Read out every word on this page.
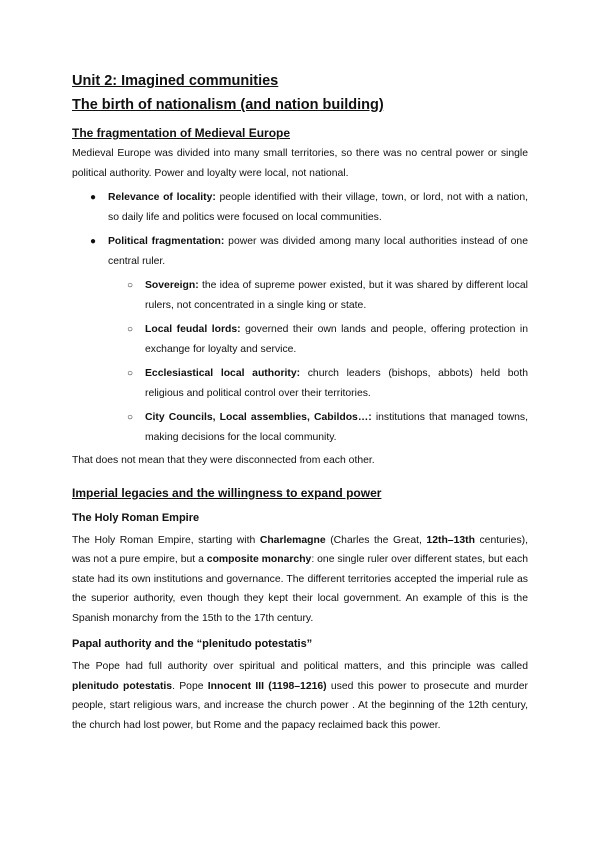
Unit 2: Imagined communities
The birth of nationalism (and nation building)
The fragmentation of Medieval Europe

Medieval Europe was divided into many small territories, so there was no central power or single political authority. Power and loyalty were local, not national.

● Relevance of locality: people identified with their village, town, or lord, not with a nation, so daily life and politics were focused on local communities.
● Political fragmentation: power was divided among many local authorities instead of one central ruler.
○ Sovereign: the idea of supreme power existed, but it was shared by different local rulers, not concentrated in a single king or state.
○ Local feudal lords: governed their own lands and people, offering protection in exchange for loyalty and service.
○ Ecclesiastical local authority: church leaders (bishops, abbots) held both religious and political control over their territories.
○ City Councils, Local assemblies, Cabildos…: institutions that managed towns, making decisions for the local community.

That does not mean that they were disconnected from each other.

Imperial legacies and the willingness to expand power
The Holy Roman Empire

The Holy Roman Empire, starting with Charlemagne (Charles the Great, 12th–13th centuries), was not a pure empire, but a composite monarchy: one single ruler over different states, but each state had its own institutions and governance. The different territories accepted the imperial rule as the superior authority, even though they kept their local government. An example of this is the Spanish monarchy from the 15th to the 17th century.

Papal authority and the “plenitudo potestatis”

The Pope had full authority over spiritual and political matters, and this principle was called plenitudo potestatis. Pope Innocent III (1198–1216) used this power to prosecute and murder people, start religious wars, and increase the church power . At the beginning of the 12th century, the church had lost power, but Rome and the papacy reclaimed back this power.
